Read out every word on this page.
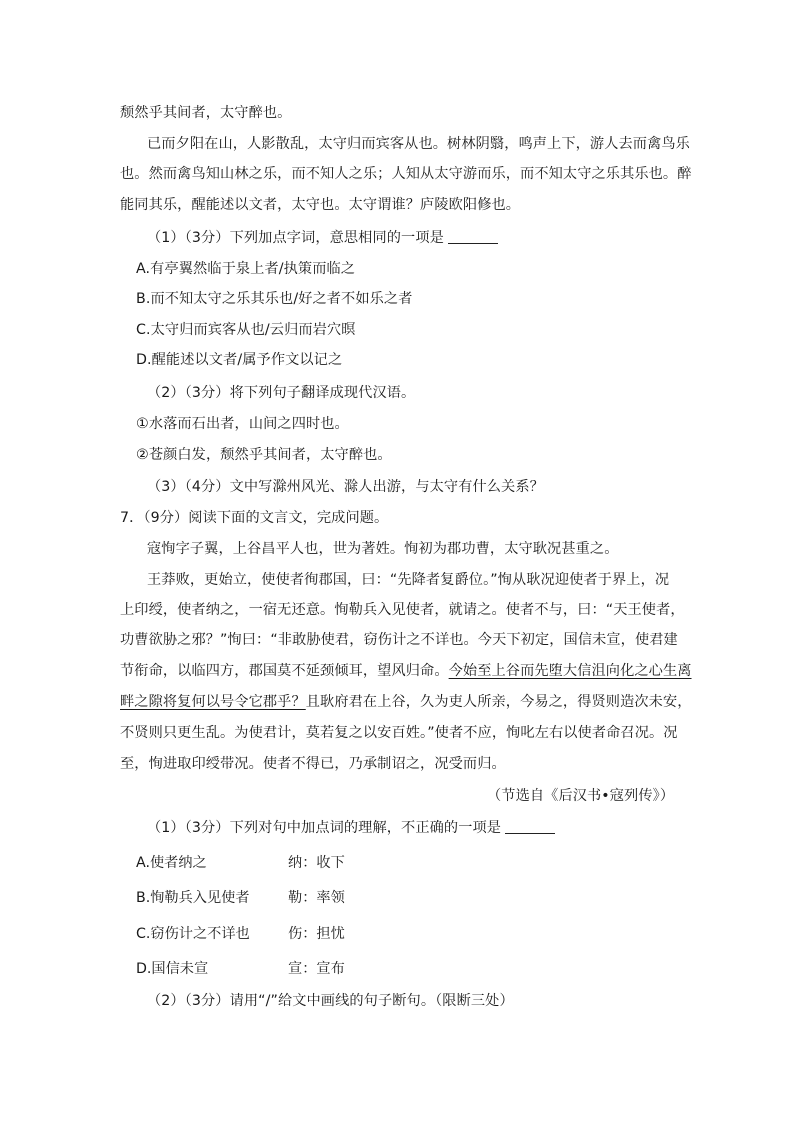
颓然乎其间者，太守醉也。
已而夕阳在山，人影散乱，太守归而宾客从也。树林阴翳，鸣声上下，游人去而禽鸟乐
也。然而禽鸟知山林之乐，而不知人之乐；人知从太守游而乐，而不知太守之乐其乐也。醉
能同其乐，醒能述以文者，太守也。太守谓谁？庐陵欧阳修也。
（1）（3分）下列加点字词，意思相同的一项是
A.有亭翼然临于泉上者/执策而临之
B.而不知太守之乐其乐也/好之者不如乐之者
C.太守归而宾客从也/云归而岩穴暝
D.醒能述以文者/属予作文以记之
（2）（3分）将下列句子翻译成现代汉语。
①水落而石出者，山间之四时也。
②苍颜白发，颓然乎其间者，太守醉也。
（3）（4分）文中写滁州风光、滁人出游，与太守有什么关系？
7．（9分）阅读下面的文言文，完成问题。
寇恂字子翼，上谷昌平人也，世为著姓。恂初为郡功曹，太守耿况甚重之。
王莽败，更始立，使使者徇郡国，曰：“先降者复爵位。”恂从耿况迎使者于界上，况
上印绶，使者纳之，一宿无还意。恂勒兵入见使者，就请之。使者不与，曰：“天王使者，
功曹欲胁之邪？”恂曰：“非敢胁使君，窃伤计之不详也。今天下初定，国信未宣，使君建
节衔命，以临四方，郡国莫不延颈倾耳，望风归命。今始至上谷而先堕大信沮向化之心生离
畔之隙将复何以号令它郡乎？且耿府君在上谷，久为吏人所亲，今易之，得贤则造次未安，
不贤则只更生乱。为使君计，莫若复之以安百姓。”使者不应，恂叱左右以使者命召况。况
至，恂进取印绶带况。使者不得已，乃承制诏之，况受而归。
（节选自《后汉书•寇列传》）
（1）（3分）下列对句中加点词的理解，不正确的一项是
A.使者纳之	纳：收下
B.恂勒兵入见使者	勒：率领
C.窃伤计之不详也	伤：担忧
D.国信未宣	宣：宣布
（2）（3分）请用“/”给文中画线的句子断句。（限断三处）
